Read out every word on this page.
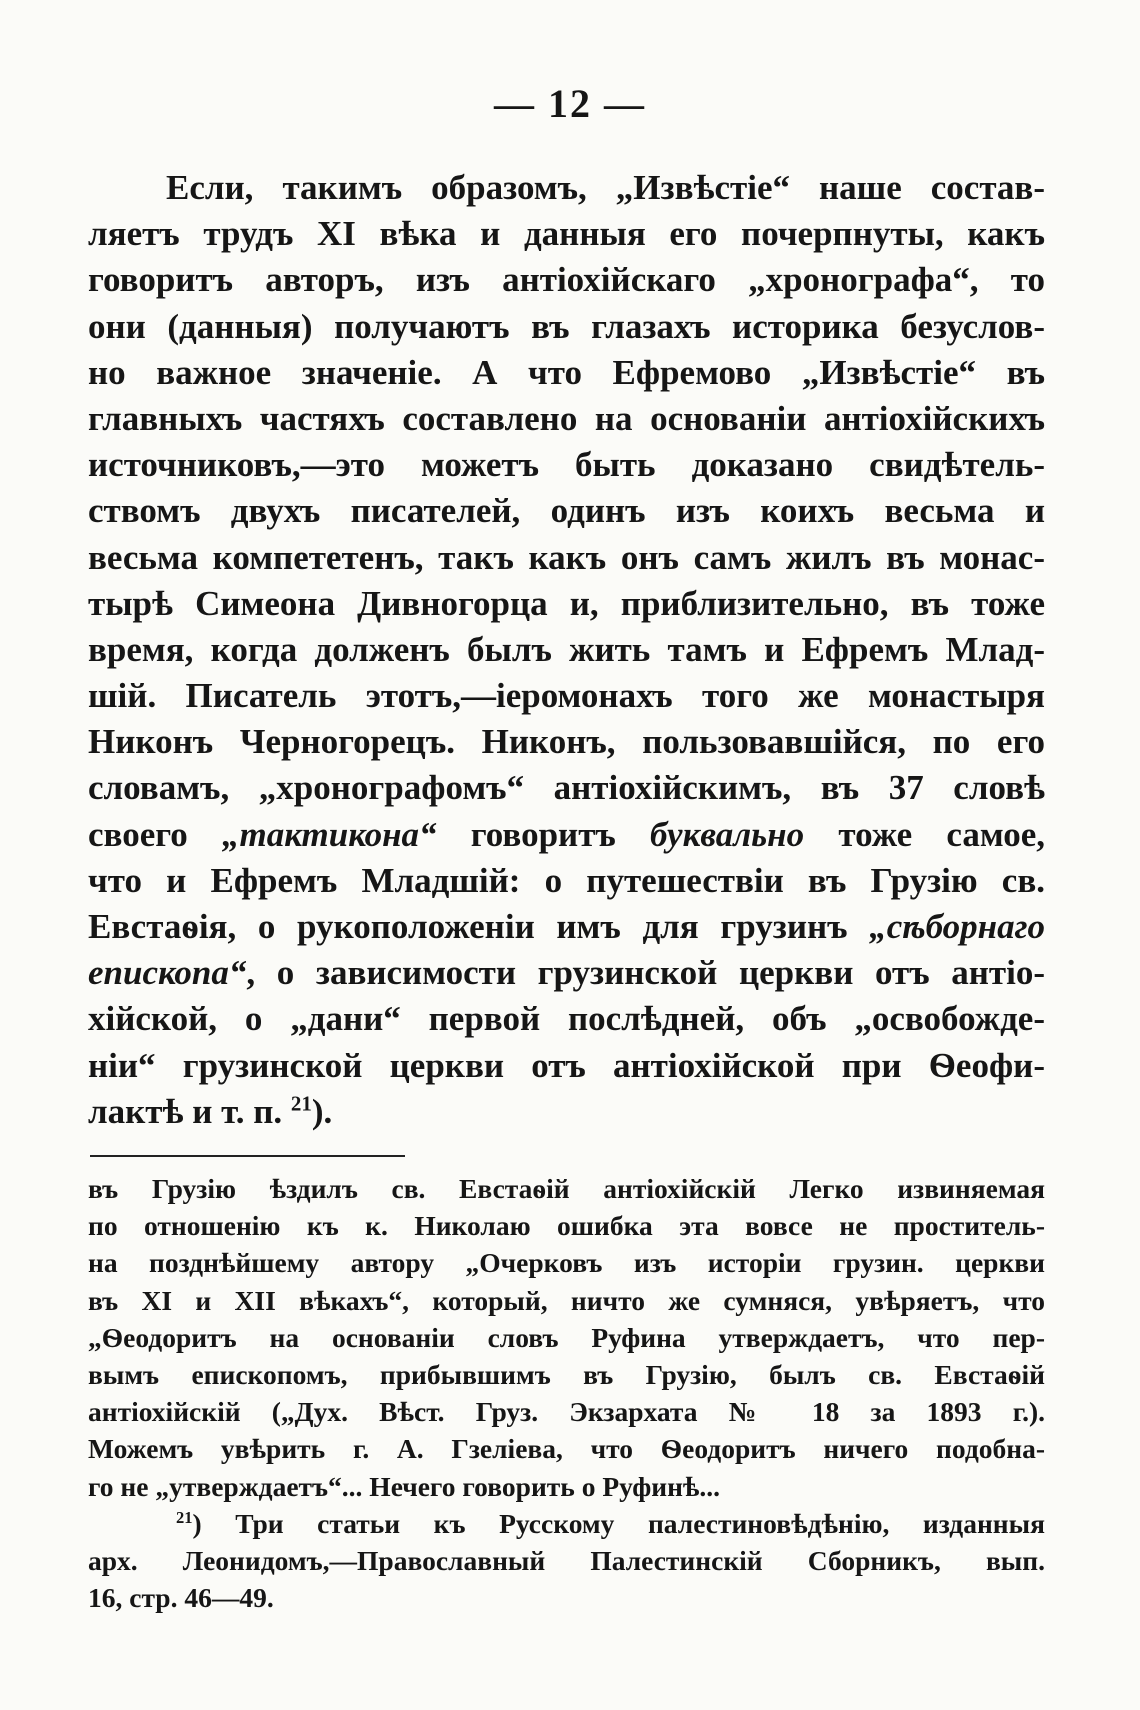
— 12 —
Если, такимъ образомъ, „Извѣстіе“ наше состав-
ляетъ трудъ XI вѣка и данныя его почерпнуты, какъ
говоритъ авторъ, изъ антіохійскаго „хронографа“, то
они (данныя) получаютъ въ глазахъ историка безуслов-
но важное значеніе. А что Ефремово „Извѣстіе“ въ
главныхъ частяхъ составлено на основаніи антіохійскихъ
источниковъ,—это можетъ быть доказано свидѣтель-
ствомъ двухъ писателей, одинъ изъ коихъ весьма и
весьма компететенъ, такъ какъ онъ самъ жилъ въ монас-
тырѣ Симеона Дивногорца и, приблизительно, въ тоже
время, когда долженъ былъ жить тамъ и Ефремъ Млад-
шій. Писатель этотъ,—іеромонахъ того же монастыря
Никонъ Черногорецъ. Никонъ, пользовавшійся, по его
словамъ, „хронографомъ“ антіохійскимъ, въ 37 словѣ
своего „тактикона“ говоритъ буквально тоже самое,
что и Ефремъ Младшій: о путешествіи въ Грузію св.
Евстаѳія, о рукоположеніи имъ для грузинъ „сѣборнаго
епископа“, о зависимости грузинской церкви отъ антіо-
хійской, о „дани“ первой послѣдней, объ „освобожде-
ніи“ грузинской церкви отъ антіохійской при Ѳеофи-
лактѣ и т. п. $^{21}$).
въ Грузію ѣздилъ св. Евстаѳій антіохійскій Легко извиняемая
по отношенію къ к. Николаю ошибка эта вовсе не проститель-
на позднѣйшему автору „Очерковъ изъ исторіи грузин. церкви
въ XI и XII вѣкахъ“, который, ничто же сумняся, увѣряетъ, что
„Ѳеодоритъ на основаніи словъ Руфина утверждаетъ, что пер-
вымъ епископомъ, прибывшимъ въ Грузію, былъ св. Евстаѳій
антіохійскій („Дух. Вѣст. Груз. Экзархата № 18 за 1893 г.).
Можемъ увѣрить г. А. Гзеліева, что Ѳеодоритъ ничего подобна-
го не „утверждаетъ“... Нечего говорить о Руфинѣ...
$^{21}$) Три статьи къ Русскому палестиновѣдѣнію, изданныя
арх. Леонидомъ,—Православный Палестинскій Сборникъ, вып.
16, стр. 46—49.
